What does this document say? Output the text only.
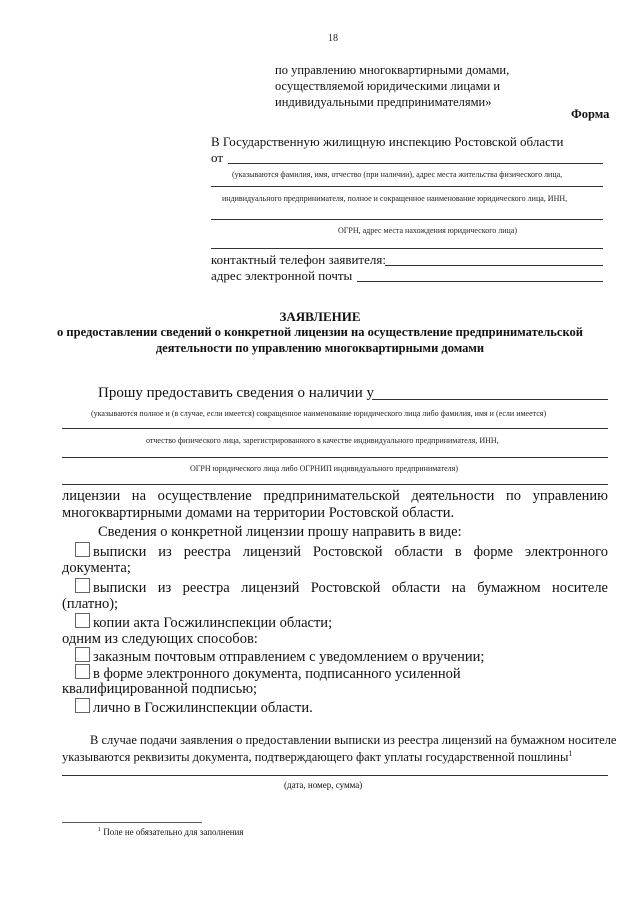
18
по управлению многоквартирными домами,
осуществляемой юридическими лицами и
индивидуальными предпринимателями»
Форма
В Государственную жилищную инспекцию Ростовской области
от
(указываются фамилия, имя, отчество (при наличии), адрес места жительства физического лица,
индивидуального предпринимателя, полное и сокращенное наименование юридического лица, ИНН,
ОГРН, адрес места нахождения юридического лица)
контактный телефон заявителя:
адрес электронной почты
ЗАЯВЛЕНИЕ
о предоставлении сведений о конкретной лицензии на осуществление предпринимательской
деятельности по управлению многоквартирными домами
Прошу предоставить сведения о наличии у
(указываются полное и (в случае, если имеется) сокращенное наименование юридического лица либо фамилия, имя и (если имеется)
отчество физического лица, зарегистрированного в качестве индивидуального предпринимателя, ИНН,
ОГРН юридического лица либо ОГРНИП индивидуального предпринимателя)
лицензии на осуществление предпринимательской деятельности по управлению
многоквартирными домами на территории Ростовской области.
Сведения о конкретной лицензии прошу направить в виде:
выписки из реестра лицензий Ростовской области в форме электронного
документа;
выписки из реестра лицензий Ростовской области на бумажном носителе
(платно);
копии акта Госжилинспекции области;
одним из следующих способов:
заказным почтовым отправлением с уведомлением о вручении;
в форме электронного документа, подписанного усиленной
квалифицированной подписью;
лично в Госжилинспекции области.
В случае подачи заявления о предоставлении выписки из реестра лицензий на бумажном носителе
указываются реквизиты документа, подтверждающего факт уплаты государственной пошлины$^1$
(дата, номер, сумма)
$^1$ Поле не обязательно для заполнения
